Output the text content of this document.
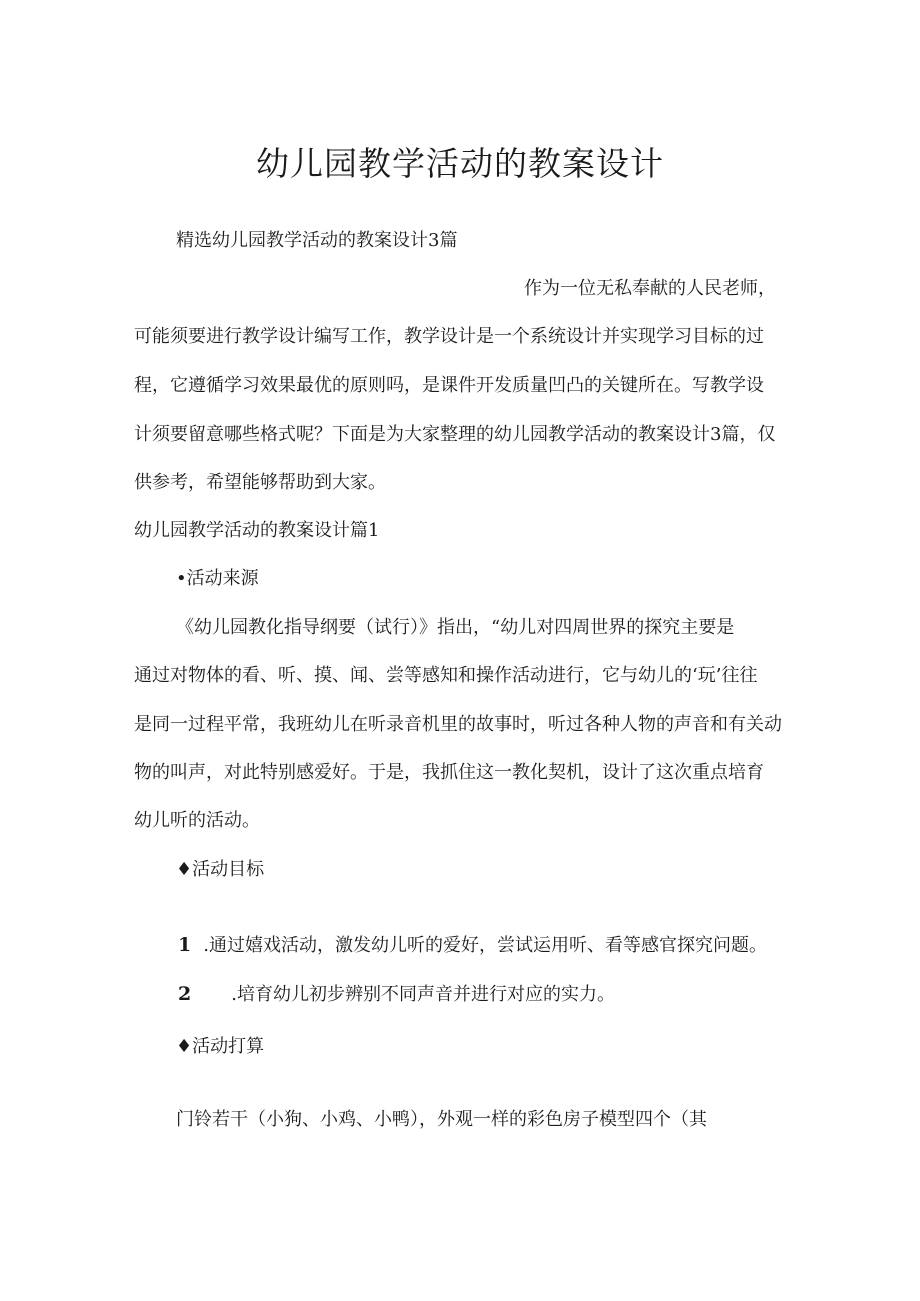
幼儿园教学活动的教案设计

精选幼儿园教学活动的教案设计3篇

作为一位无私奉献的人民老师，

可能须要进行教学设计编写工作，教学设计是一个系统设计并实现学习目标的过

程，它遵循学习效果最优的原则吗，是课件开发质量凹凸的关键所在。写教学设

计须要留意哪些格式呢？下面是为大家整理的幼儿园教学活动的教案设计3篇，仅

供参考，希望能够帮助到大家。

幼儿园教学活动的教案设计篇1

•活动来源

《幼儿园教化指导纲要（试行）》指出，“幼儿对四周世界的探究主要是

通过对物体的看、听、摸、闻、尝等感知和操作活动进行，它与幼儿的‘玩’往往

是同一过程平常，我班幼儿在听录音机里的故事时，听过各种人物的声音和有关动

物的叫声，对此特别感爱好。于是，我抓住这一教化契机，设计了这次重点培育

幼儿听的活动。

♦活动目标

1 .通过嬉戏活动，激发幼儿听的爱好，尝试运用听、看等感官探究问题。

2 .培育幼儿初步辨别不同声音并进行对应的实力。

♦活动打算

门铃若干（小狗、小鸡、小鸭），外观一样的彩色房子模型四个（其
